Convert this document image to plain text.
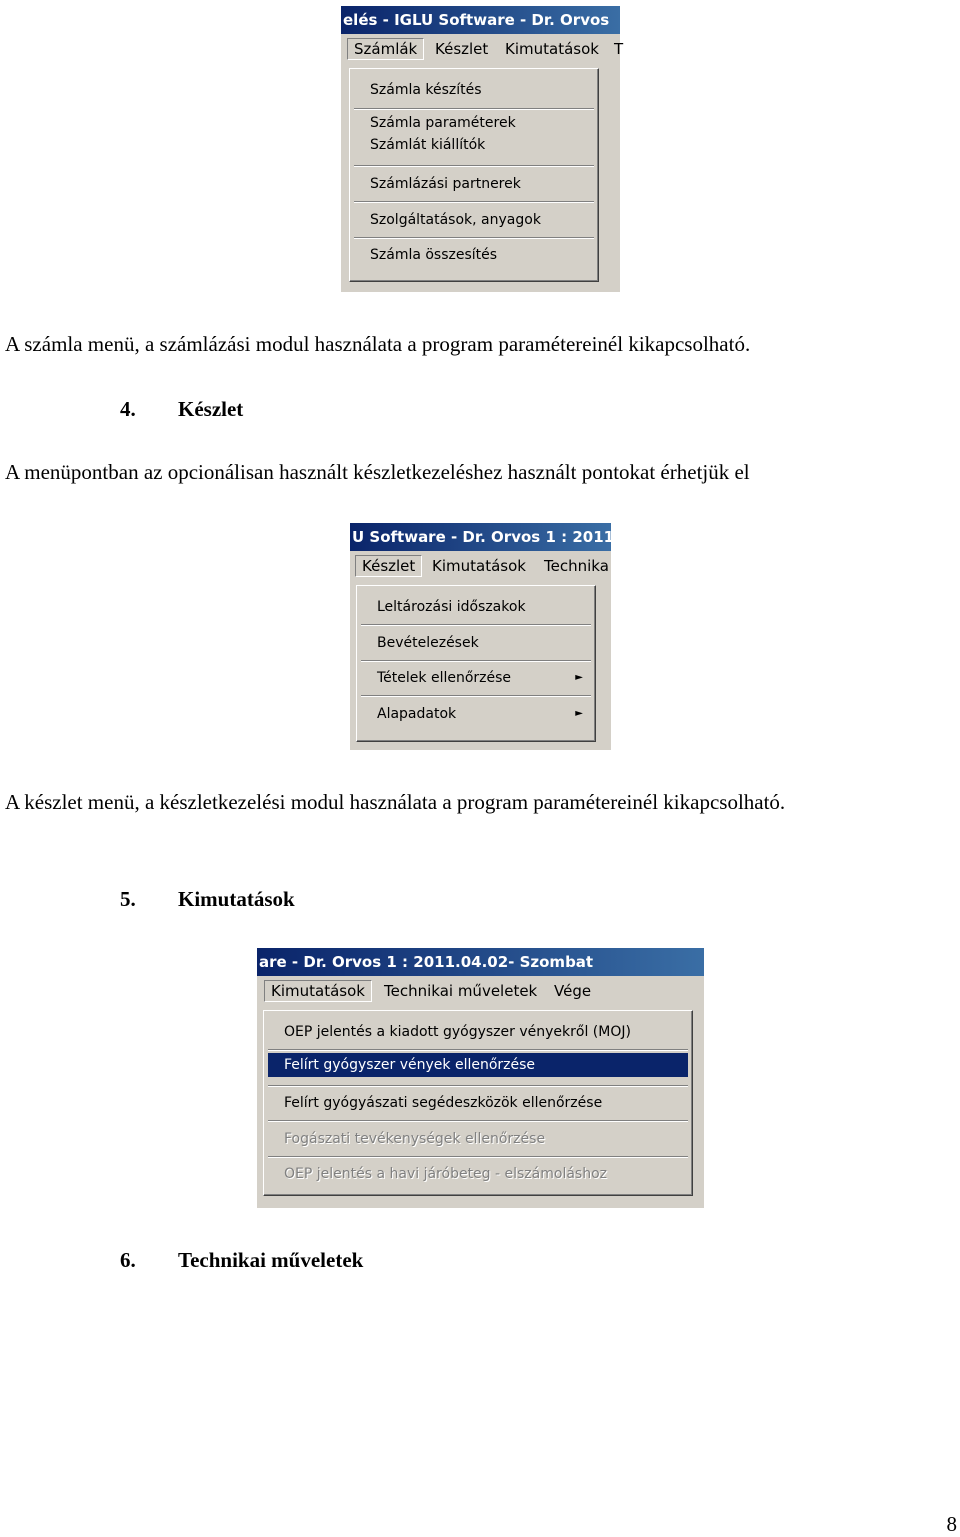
elés - IGLU Software - Dr. Orvos
Számlák	Készlet Kimutatások T
Számla készítés
Számla paraméterek
Számlát kiállítók
Számlázási partnerek
Szolgáltatások, anyagok
Számla összesítés
A számla menü, a számlázási modul használata a program paramétereinél kikapcsolható.
4. Készlet
A menüpontban az opcionálisan használt készletkezeléshez használt pontokat érhetjük el
U Software - Dr. Orvos 1 : 2011
Készlet	Kimutatások Technika
Leltározási időszakok
Bevételezések
Tételek ellenőrzése	►
Alapadatok	►
A készlet menü, a készletkezelési modul használata a program paramétereinél kikapcsolható.
5. Kimutatások
are - Dr. Orvos 1 : 2011.04.02- Szombat
Kimutatások	Technikai műveletek Vége
OEP jelentés a kiadott gyógyszer vényekről (MOJ)
Felírt gyógyszer vények ellenőrzése
Felírt gyógyászati segédeszközök ellenőrzése
Fogászati tevékenységek ellenőrzése
OEP jelentés a havi járóbeteg - elszámoláshoz
6. Technikai műveletek
8
